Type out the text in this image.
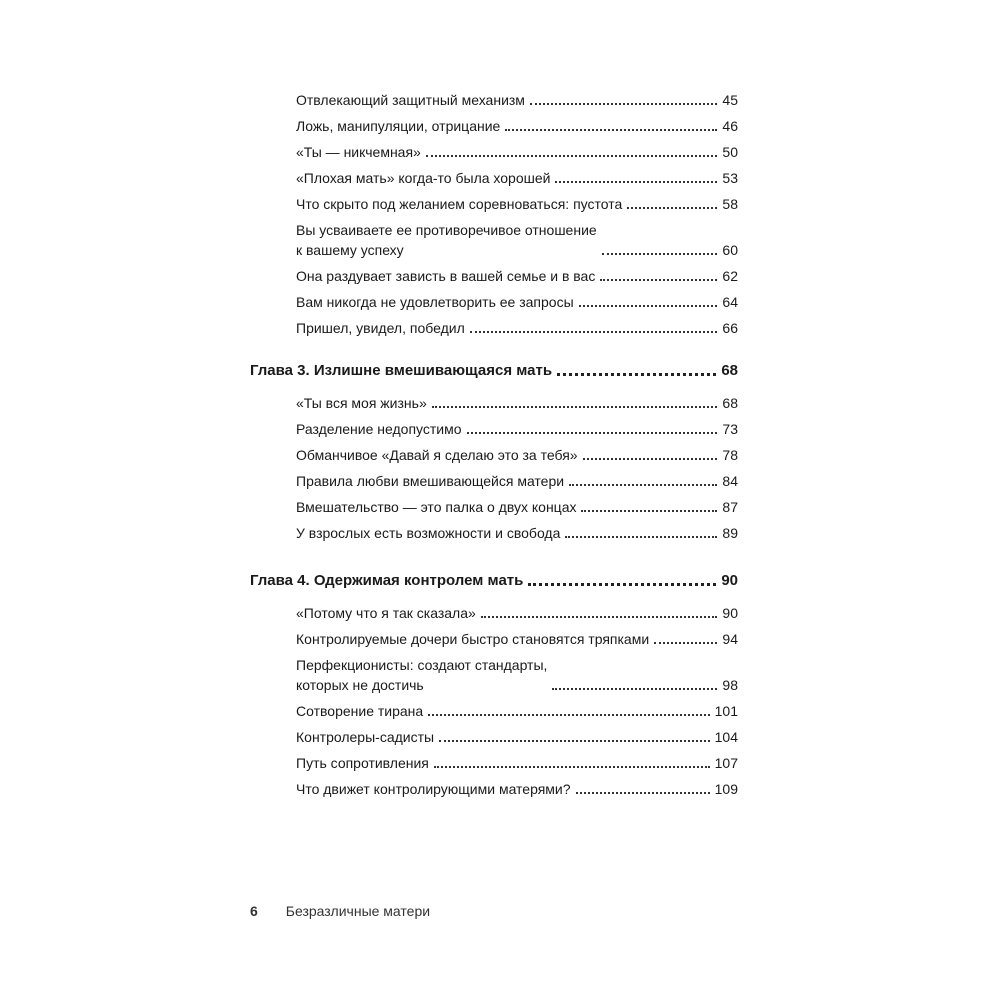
Отвлекающий защитный механизм	45
Ложь, манипуляции, отрицание	46
«Ты — никчемная»	50
«Плохая мать» когда-то была хорошей	53
Что скрыто под желанием соревноваться: пустота	58
Вы усваиваете ее противоречивое отношение
к вашему успеху	60
Она раздувает зависть в вашей семье и в вас	62
Вам никогда не удовлетворить ее запросы	64
Пришел, увидел, победил	66
Глава 3. Излишне вмешивающаяся мать	68
«Ты вся моя жизнь»	68
Разделение недопустимо	73
Обманчивое «Давай я сделаю это за тебя»	78
Правила любви вмешивающейся матери	84
Вмешательство — это палка о двух концах	87
У взрослых есть возможности и свобода	89
Глава 4. Одержимая контролем мать	90
«Потому что я так сказала»	90
Контролируемые дочери быстро становятся тряпками	94
Перфекционисты: создают стандарты,
которых не достичь	98
Сотворение тирана	101
Контролеры-садисты	104
Путь сопротивления	107
Что движет контролирующими матерями?	109
6 Безразличные матери
